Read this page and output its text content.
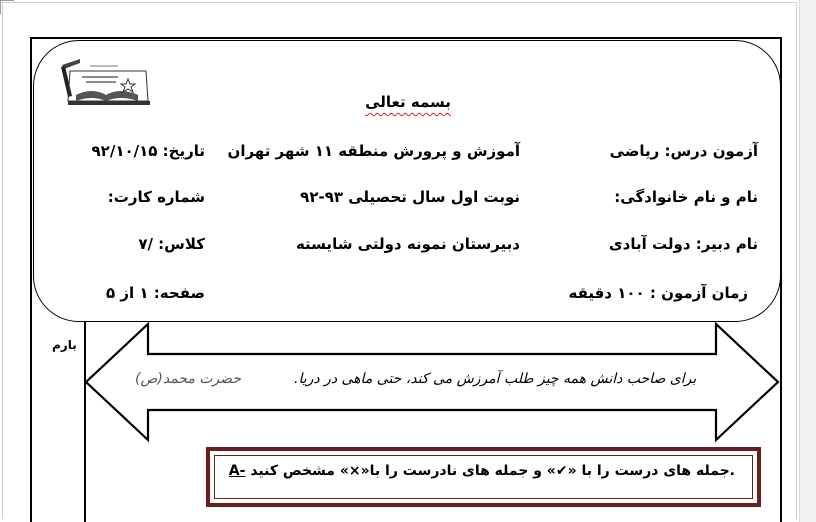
بسمه تعالی
آزمون درس: ریاضی
آموزش و پرورش منطقه ۱۱ شهر تهران
تاریخ: ۹۲/۱۰/۱۵
نام و نام خانوادگی:
نوبت اول سال تحصیلی ۹۳-۹۲
شماره کارت:
نام دبیر: دولت آبادی
دبیرستان نمونه دولتی شایسته
کلاس: /۷
زمان آزمون : ۱۰۰ دقیقه
صفحه: ۱ از ۵
بارم
برای صاحب دانش همه چیز طلب آمرزش می کند، حتی ماهی در دریا.
حضرت محمد(ص)
A- جمله های درست را با «✔» و جمله های نادرست را با«×» مشخص کنید.
